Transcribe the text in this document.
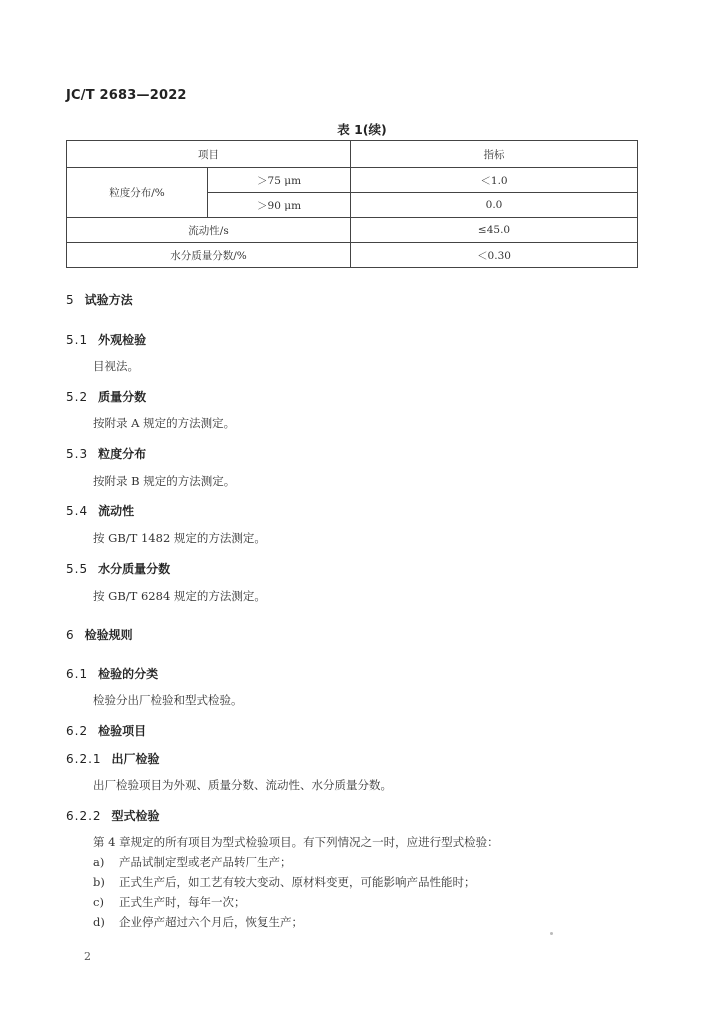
JC/T 2683—2022
表 1(续)
项目		指标
粒度分布/%	＞75 μm	＜1.0
	＞90 μm	0.0
流动性/s		≤45.0
水分质量分数/%		＜0.30
5 试验方法
5.1 外观检验
目视法。
5.2 质量分数
按附录 A 规定的方法测定。
5.3 粒度分布
按附录 B 规定的方法测定。
5.4 流动性
按 GB/T 1482 规定的方法测定。
5.5 水分质量分数
按 GB/T 6284 规定的方法测定。
6 检验规则
6.1 检验的分类
检验分出厂检验和型式检验。
6.2 检验项目
6.2.1 出厂检验
出厂检验项目为外观、质量分数、流动性、水分质量分数。
6.2.2 型式检验
第 4 章规定的所有项目为型式检验项目。有下列情况之一时，应进行型式检验：
a) 产品试制定型或老产品转厂生产；
b) 正式生产后，如工艺有较大变动、原材料变更，可能影响产品性能时；
c) 正式生产时，每年一次；
d) 企业停产超过六个月后，恢复生产；
2
